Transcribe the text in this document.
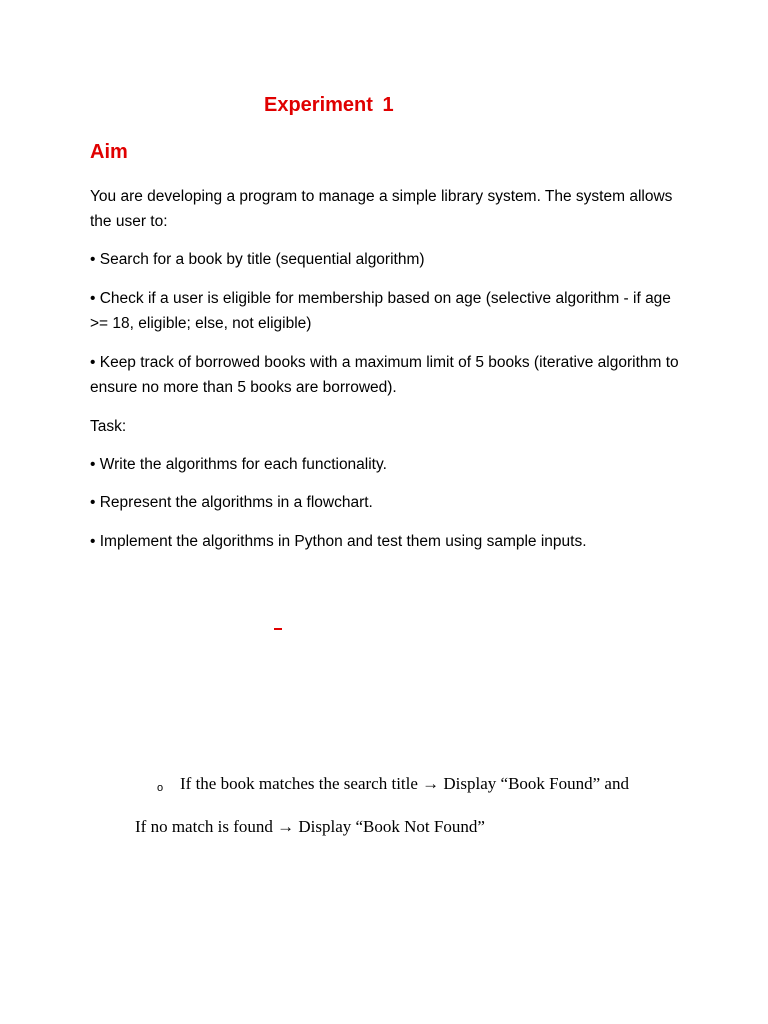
Experiment 1
Aim
You are developing a program to manage a simple library system. The system allows the user to:
• Search for a book by title (sequential algorithm)
• Check if a user is eligible for membership based on age (selective algorithm - if age >= 18, eligible; else, not eligible)
• Keep track of borrowed books with a maximum limit of 5 books (iterative algorithm to ensure no more than 5 books are borrowed).
Task:
• Write the algorithms for each functionality.
• Represent the algorithms in a flowchart.
• Implement the algorithms in Python and test them using sample inputs.
o If the book matches the search title → Display “Book Found” and
If no match is found → Display “Book Not Found”
